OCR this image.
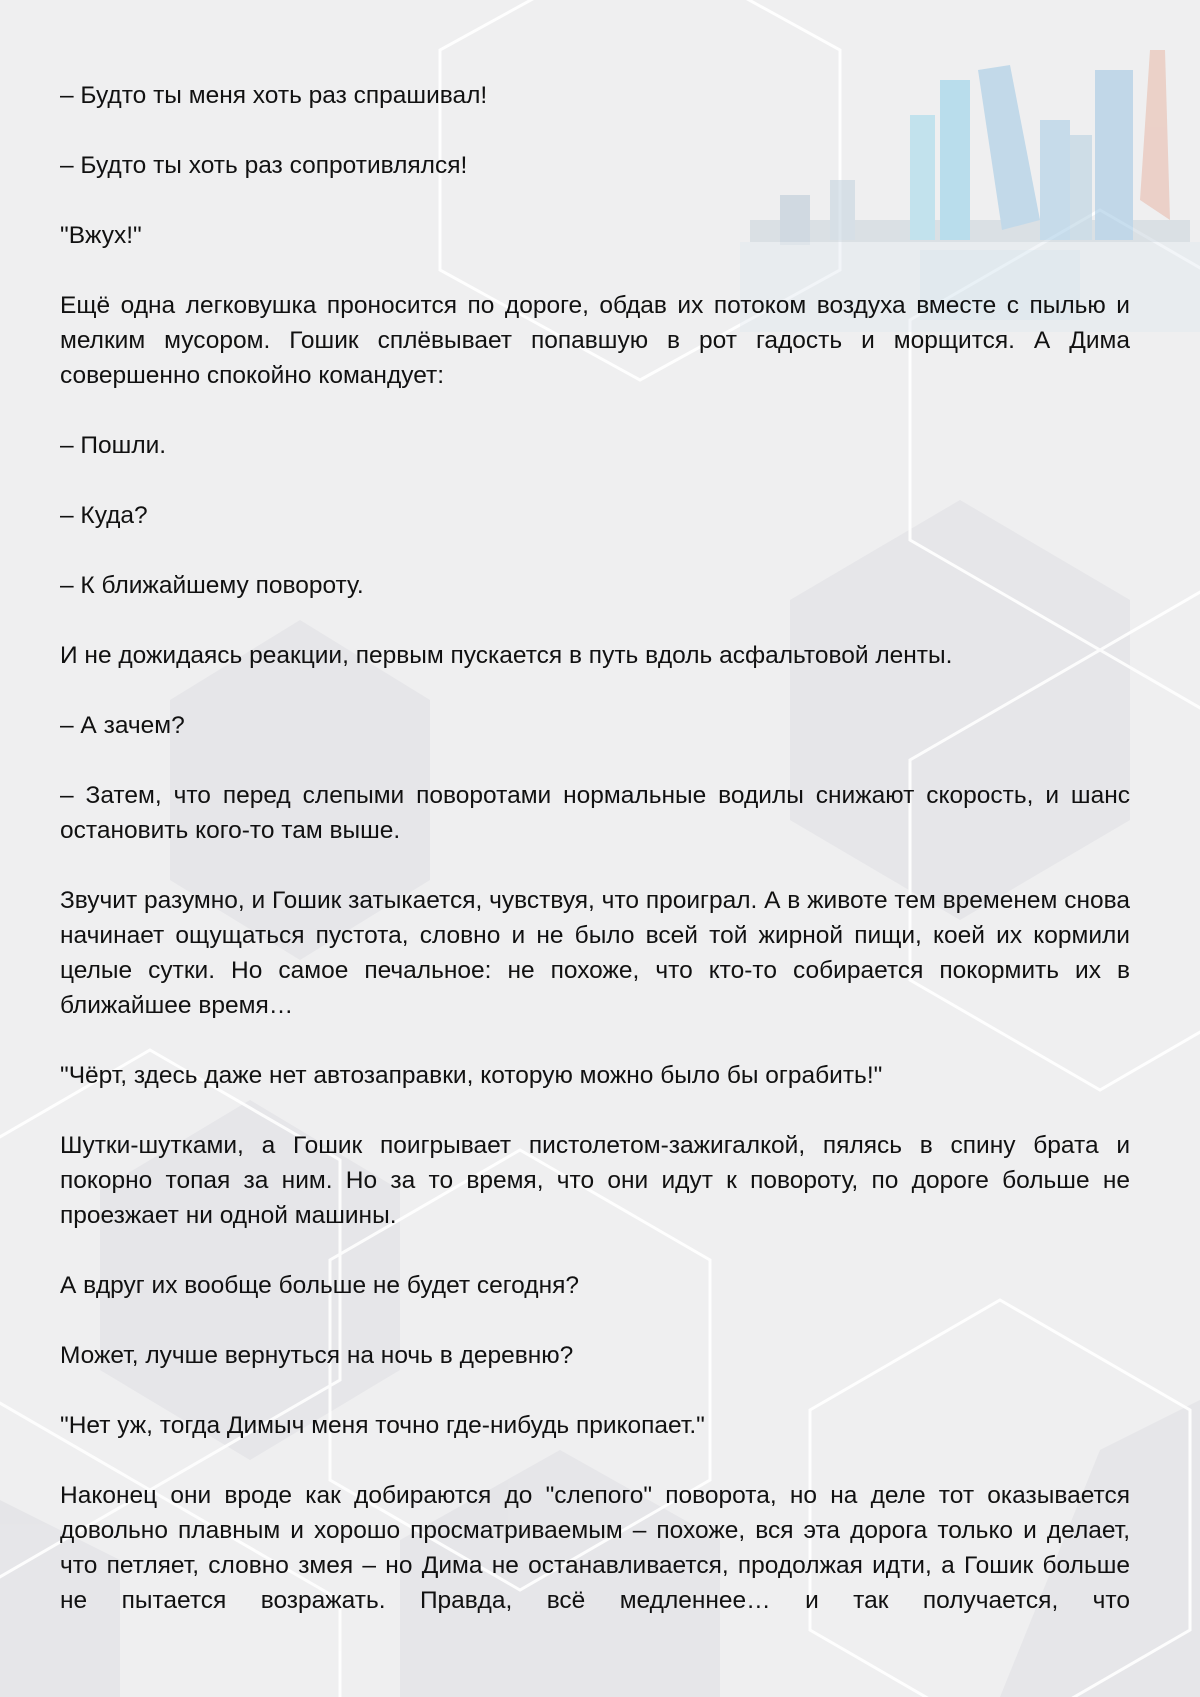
– Будто ты меня хоть раз спрашивал!

– Будто ты хоть раз сопротивлялся!

"Вжух!"

Ещё одна легковушка проносится по дороге, обдав их потоком воздуха вместе с пылью и мелким мусором. Гошик сплёвывает попавшую в рот гадость и морщится. А Дима совершенно спокойно командует:

– Пошли.

– Куда?

– К ближайшему повороту.

И не дожидаясь реакции, первым пускается в путь вдоль асфальтовой ленты.

– А зачем?

– Затем, что перед слепыми поворотами нормальные водилы снижают скорость, и шанс остановить кого-то там выше.

Звучит разумно, и Гошик затыкается, чувствуя, что проиграл. А в животе тем временем снова начинает ощущаться пустота, словно и не было всей той жирной пищи, коей их кормили целые сутки. Но самое печальное: не похоже, что кто-то собирается покормить их в ближайшее время…

"Чёрт, здесь даже нет автозаправки, которую можно было бы ограбить!"

Шутки-шутками, а Гошик поигрывает пистолетом-зажигалкой, пялясь в спину брата и покорно топая за ним. Но за то время, что они идут к повороту, по дороге больше не проезжает ни одной машины.

А вдруг их вообще больше не будет сегодня?

Может, лучше вернуться на ночь в деревню?

"Нет уж, тогда Димыч меня точно где-нибудь прикопает."

Наконец они вроде как добираются до "слепого" поворота, но на деле тот оказывается довольно плавным и хорошо просматриваемым – похоже, вся эта дорога только и делает, что петляет, словно змея – но Дима не останавливается, продолжая идти, а Гошик больше не пытается возражать. Правда, всё медленнее… и так получается, что
